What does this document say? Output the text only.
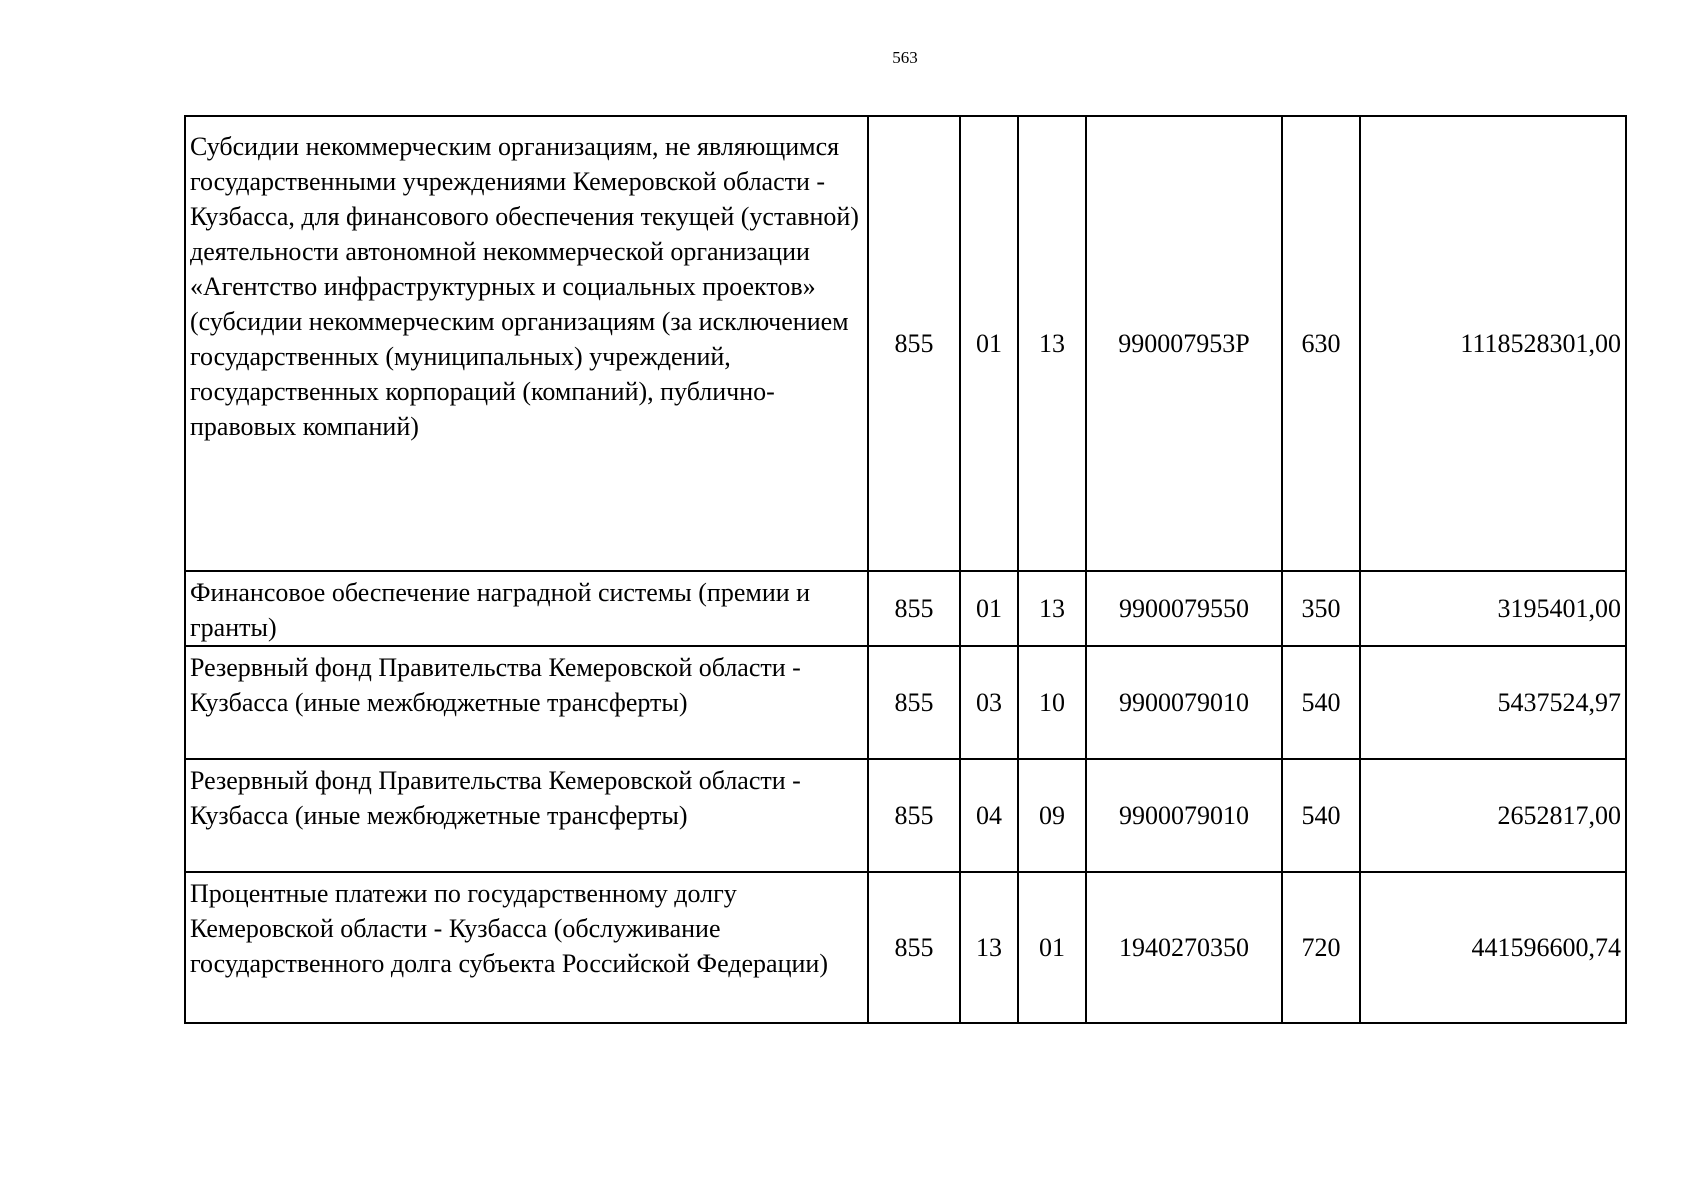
563
Субсидии некоммерческим организациям, не являющимся государственными учреждениями Кемеровской области - Кузбасса, для финансового обеспечения текущей (уставной) деятельности автономной некоммерческой организации «Агентство инфраструктурных и социальных проектов» (субсидии некоммерческим организациям (за исключением государственных (муниципальных) учреждений, государственных корпораций (компаний), публично-правовых компаний)	855	01	13	990007953Р	630	1118528301,00
Финансовое обеспечение наградной системы (премии и гранты)	855	01	13	9900079550	350	3195401,00
Резервный фонд Правительства Кемеровской области - Кузбасса (иные межбюджетные трансферты)	855	03	10	9900079010	540	5437524,97
Резервный фонд Правительства Кемеровской области - Кузбасса (иные межбюджетные трансферты)	855	04	09	9900079010	540	2652817,00
Процентные платежи по государственному долгу Кемеровской области - Кузбасса (обслуживание государственного долга субъекта Российской Федерации)	855	13	01	1940270350	720	441596600,74
